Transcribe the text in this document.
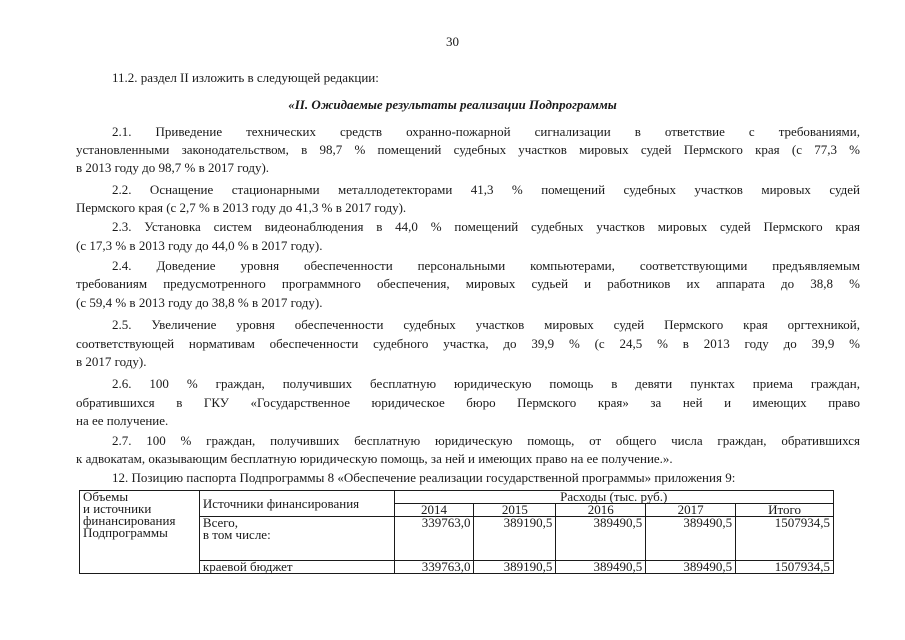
30
11.2. раздел II изложить в следующей редакции:
«II. Ожидаемые результаты реализации Подпрограммы
2.1. Приведение технических средств охранно-пожарной сигнализации в ответствие с требованиями,
установленными законодательством, в 98,7 % помещений судебных участков мировых судей Пермского края (с 77,3 %
в 2013 году до 98,7 % в 2017 году).
2.2. Оснащение стационарными металлодетекторами 41,3 % помещений судебных участков мировых судей
Пермского края (с 2,7 % в 2013 году до 41,3 % в 2017 году).
2.3. Установка систем видеонаблюдения в 44,0 % помещений судебных участков мировых судей Пермского края
(с 17,3 % в 2013 году до 44,0 % в 2017 году).
2.4. Доведение уровня обеспеченности персональными компьютерами, соответствующими предъявляемым
требованиям предусмотренного программного обеспечения, мировых судьей и работников их аппарата до 38,8 %
(с 59,4 % в 2013 году до 38,8 % в 2017 году).
2.5. Увеличение уровня обеспеченности судебных участков мировых судей Пермского края оргтехникой,
соответствующей нормативам обеспеченности судебного участка, до 39,9 % (с 24,5 % в 2013 году до 39,9 %
в 2017 году).
2.6. 100 % граждан, получивших бесплатную юридическую помощь в девяти пунктах приема граждан,
обратившихся в ГКУ «Государственное юридическое бюро Пермского края» за ней и имеющих право
на ее получение.
2.7. 100 % граждан, получивших бесплатную юридическую помощь, от общего числа граждан, обратившихся
к адвокатам, оказывающим бесплатную юридическую помощь, за ней и имеющих право на ее получение.».
12. Позицию паспорта Подпрограммы 8 «Обеспечение реализации государственной программы» приложения 9:
Объемы
и источники
финансирования
Подпрограммы	Источники финансирования	Расходы (тыс. руб.)				
		2014	2015	2016	2017	Итого

	Всего,
в том числе:	339763,0	389190,5	389490,5	389490,5	1507934,5
	краевой бюджет	339763,0	389190,5	389490,5	389490,5	1507934,5
